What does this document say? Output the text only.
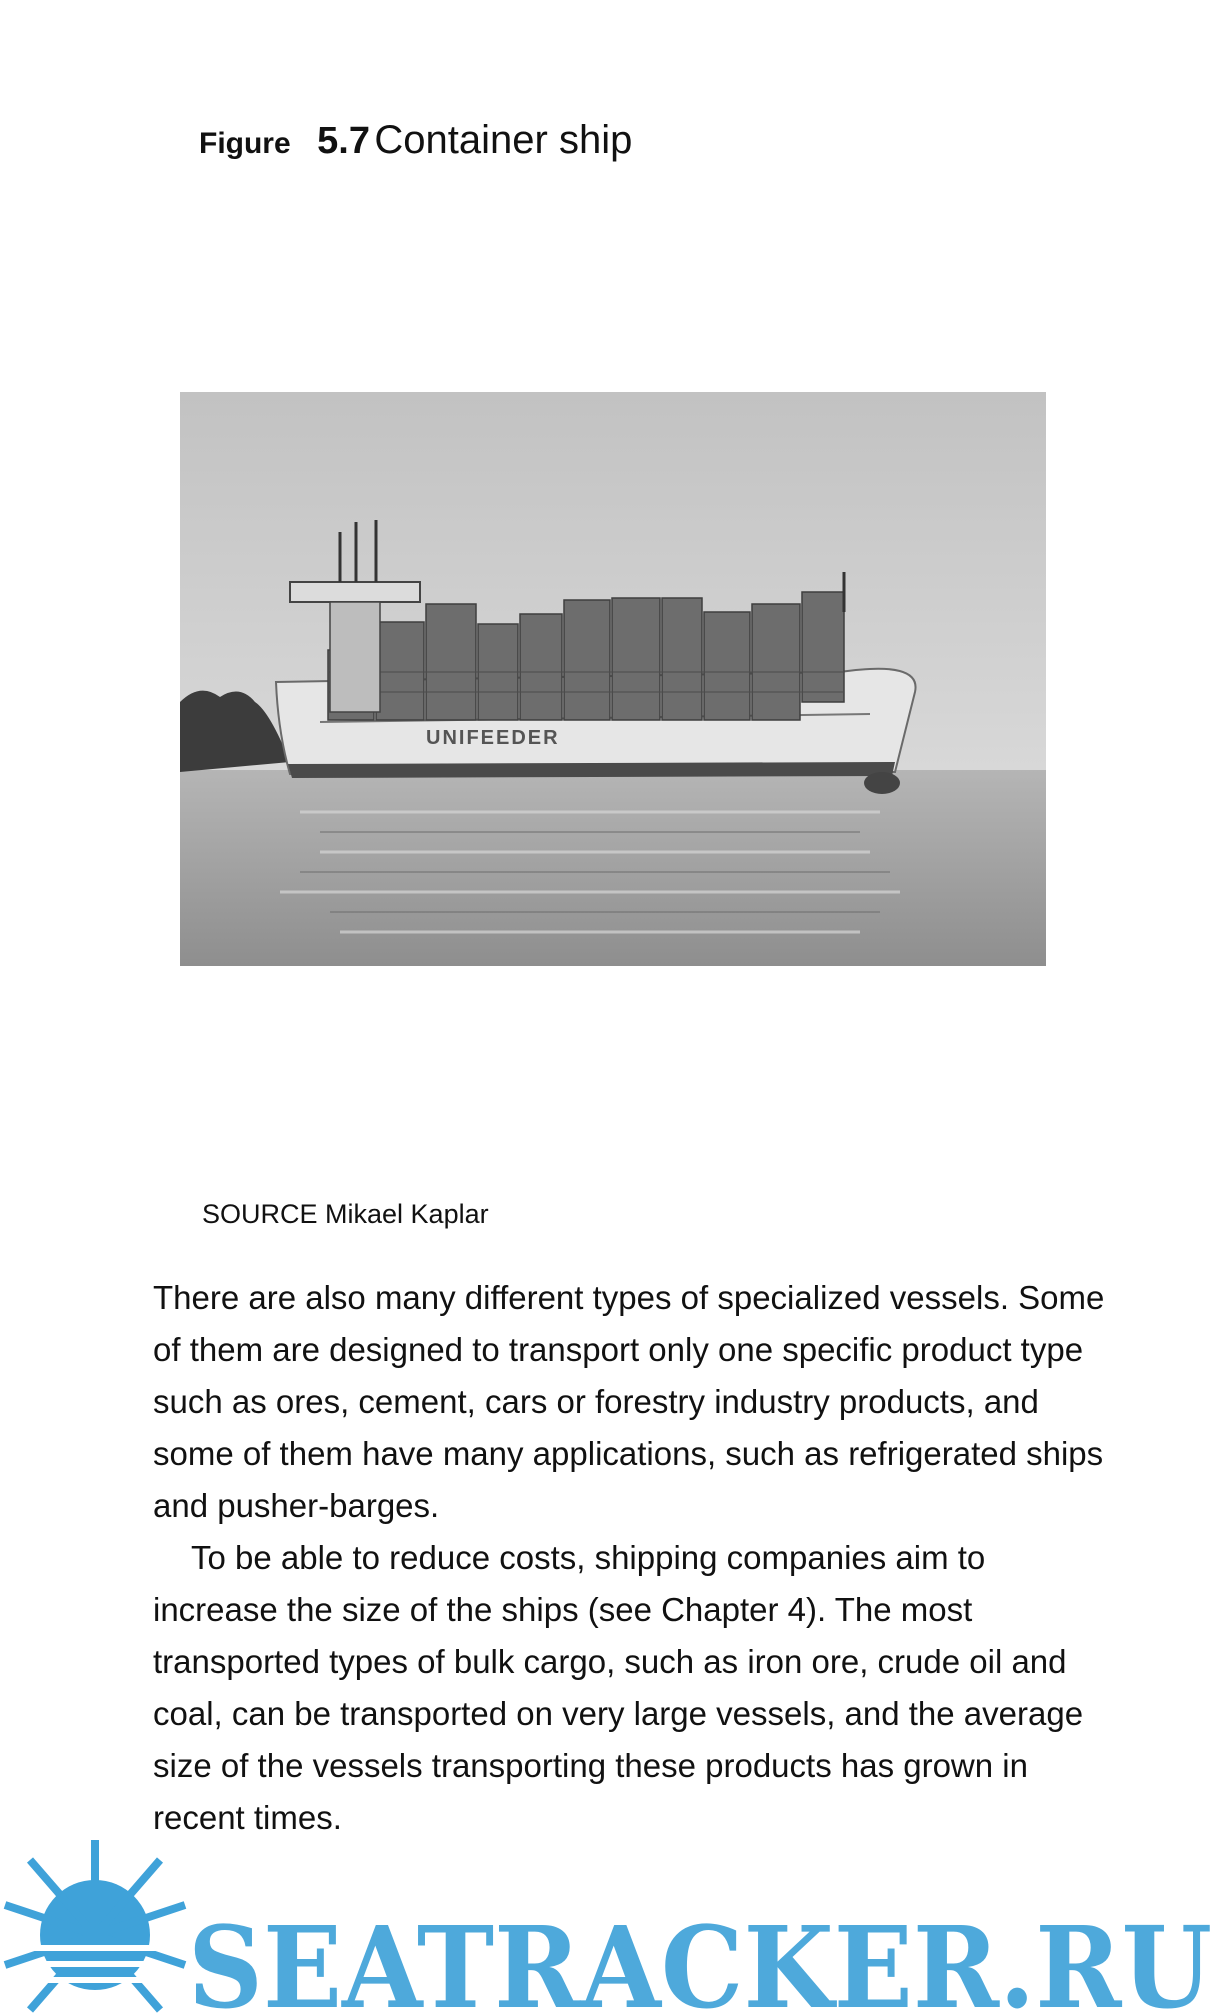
Figure 5.7 Container ship
UNIFEEDER
SOURCE Mikael Kaplar

There are also many different types of specialized vessels. Some of them are designed to transport only one specific product type such as ores, cement, cars or forestry industry products, and some of them have many applications, such as refrigerated ships and pusher-barges.

To be able to reduce costs, shipping companies aim to increase the size of the ships (see Chapter 4). The most transported types of bulk cargo, such as iron ore, crude oil and coal, can be transported on very large vessels, and the average size of the vessels transporting these products has grown in recent times.

SEATRACKER.RU
